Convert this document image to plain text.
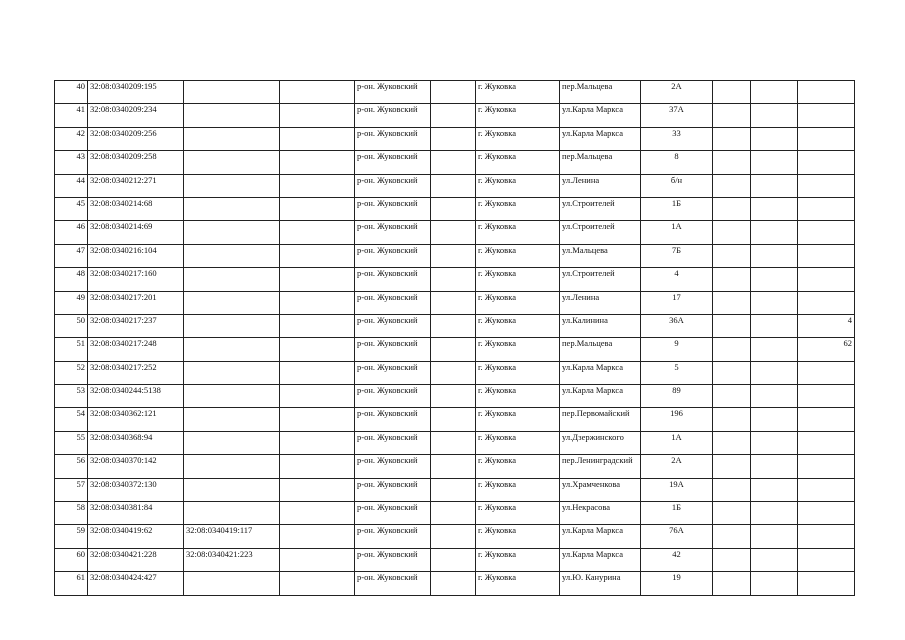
40	32:08:0340209:195			р-он. Жуковский		г. Жуковка	пер.Мальцева	2А			
41	32:08:0340209:234			р-он. Жуковский		г. Жуковка	ул.Карла Маркса	37А			
42	32:08:0340209:256			р-он. Жуковский		г. Жуковка	ул.Карла Маркса	33			
43	32:08:0340209:258			р-он. Жуковский		г. Жуковка	пер.Мальцева	8			
44	32:08:0340212:271			р-он. Жуковский		г. Жуковка	ул.Ленина	б/н			
45	32:08:0340214:68			р-он. Жуковский		г. Жуковка	ул.Строителей	1Б			
46	32:08:0340214:69			р-он. Жуковский		г. Жуковка	ул.Строителей	1А			
47	32:08:0340216:104			р-он. Жуковский		г. Жуковка	ул.Мальцева	7Б			
48	32:08:0340217:160			р-он. Жуковский		г. Жуковка	ул.Строителей	4			
49	32:08:0340217:201			р-он. Жуковский		г. Жуковка	ул.Ленина	17			
50	32:08:0340217:237			р-он. Жуковский		г. Жуковка	ул.Калинина	36А			4
51	32:08:0340217:248			р-он. Жуковский		г. Жуковка	пер.Мальцева	9			62
52	32:08:0340217:252			р-он. Жуковский		г. Жуковка	ул.Карла Маркса	5			
53	32:08:0340244:5138			р-он. Жуковский		г. Жуковка	ул.Карла Маркса	89			
54	32:08:0340362:121			р-он. Жуковский		г. Жуковка	пер.Первомайский	196			
55	32:08:0340368:94			р-он. Жуковский		г. Жуковка	ул.Дзержинского	1А			
56	32:08:0340370:142			р-он. Жуковский		г. Жуковка	пер.Ленинградский	2А			
57	32:08:0340372:130			р-он. Жуковский		г. Жуковка	ул.Храмченкова	19А			
58	32:08:0340381:84			р-он. Жуковский		г. Жуковка	ул.Некрасова	1Б			
59	32:08:0340419:62	32:08:0340419:117		р-он. Жуковский		г. Жуковка	ул.Карла Маркса	76А			
60	32:08:0340421:228	32:08:0340421:223		р-он. Жуковский		г. Жуковка	ул.Карла Маркса	42			
61	32:08:0340424:427			р-он. Жуковский		г. Жуковка	ул.Ю. Канурина	19			
